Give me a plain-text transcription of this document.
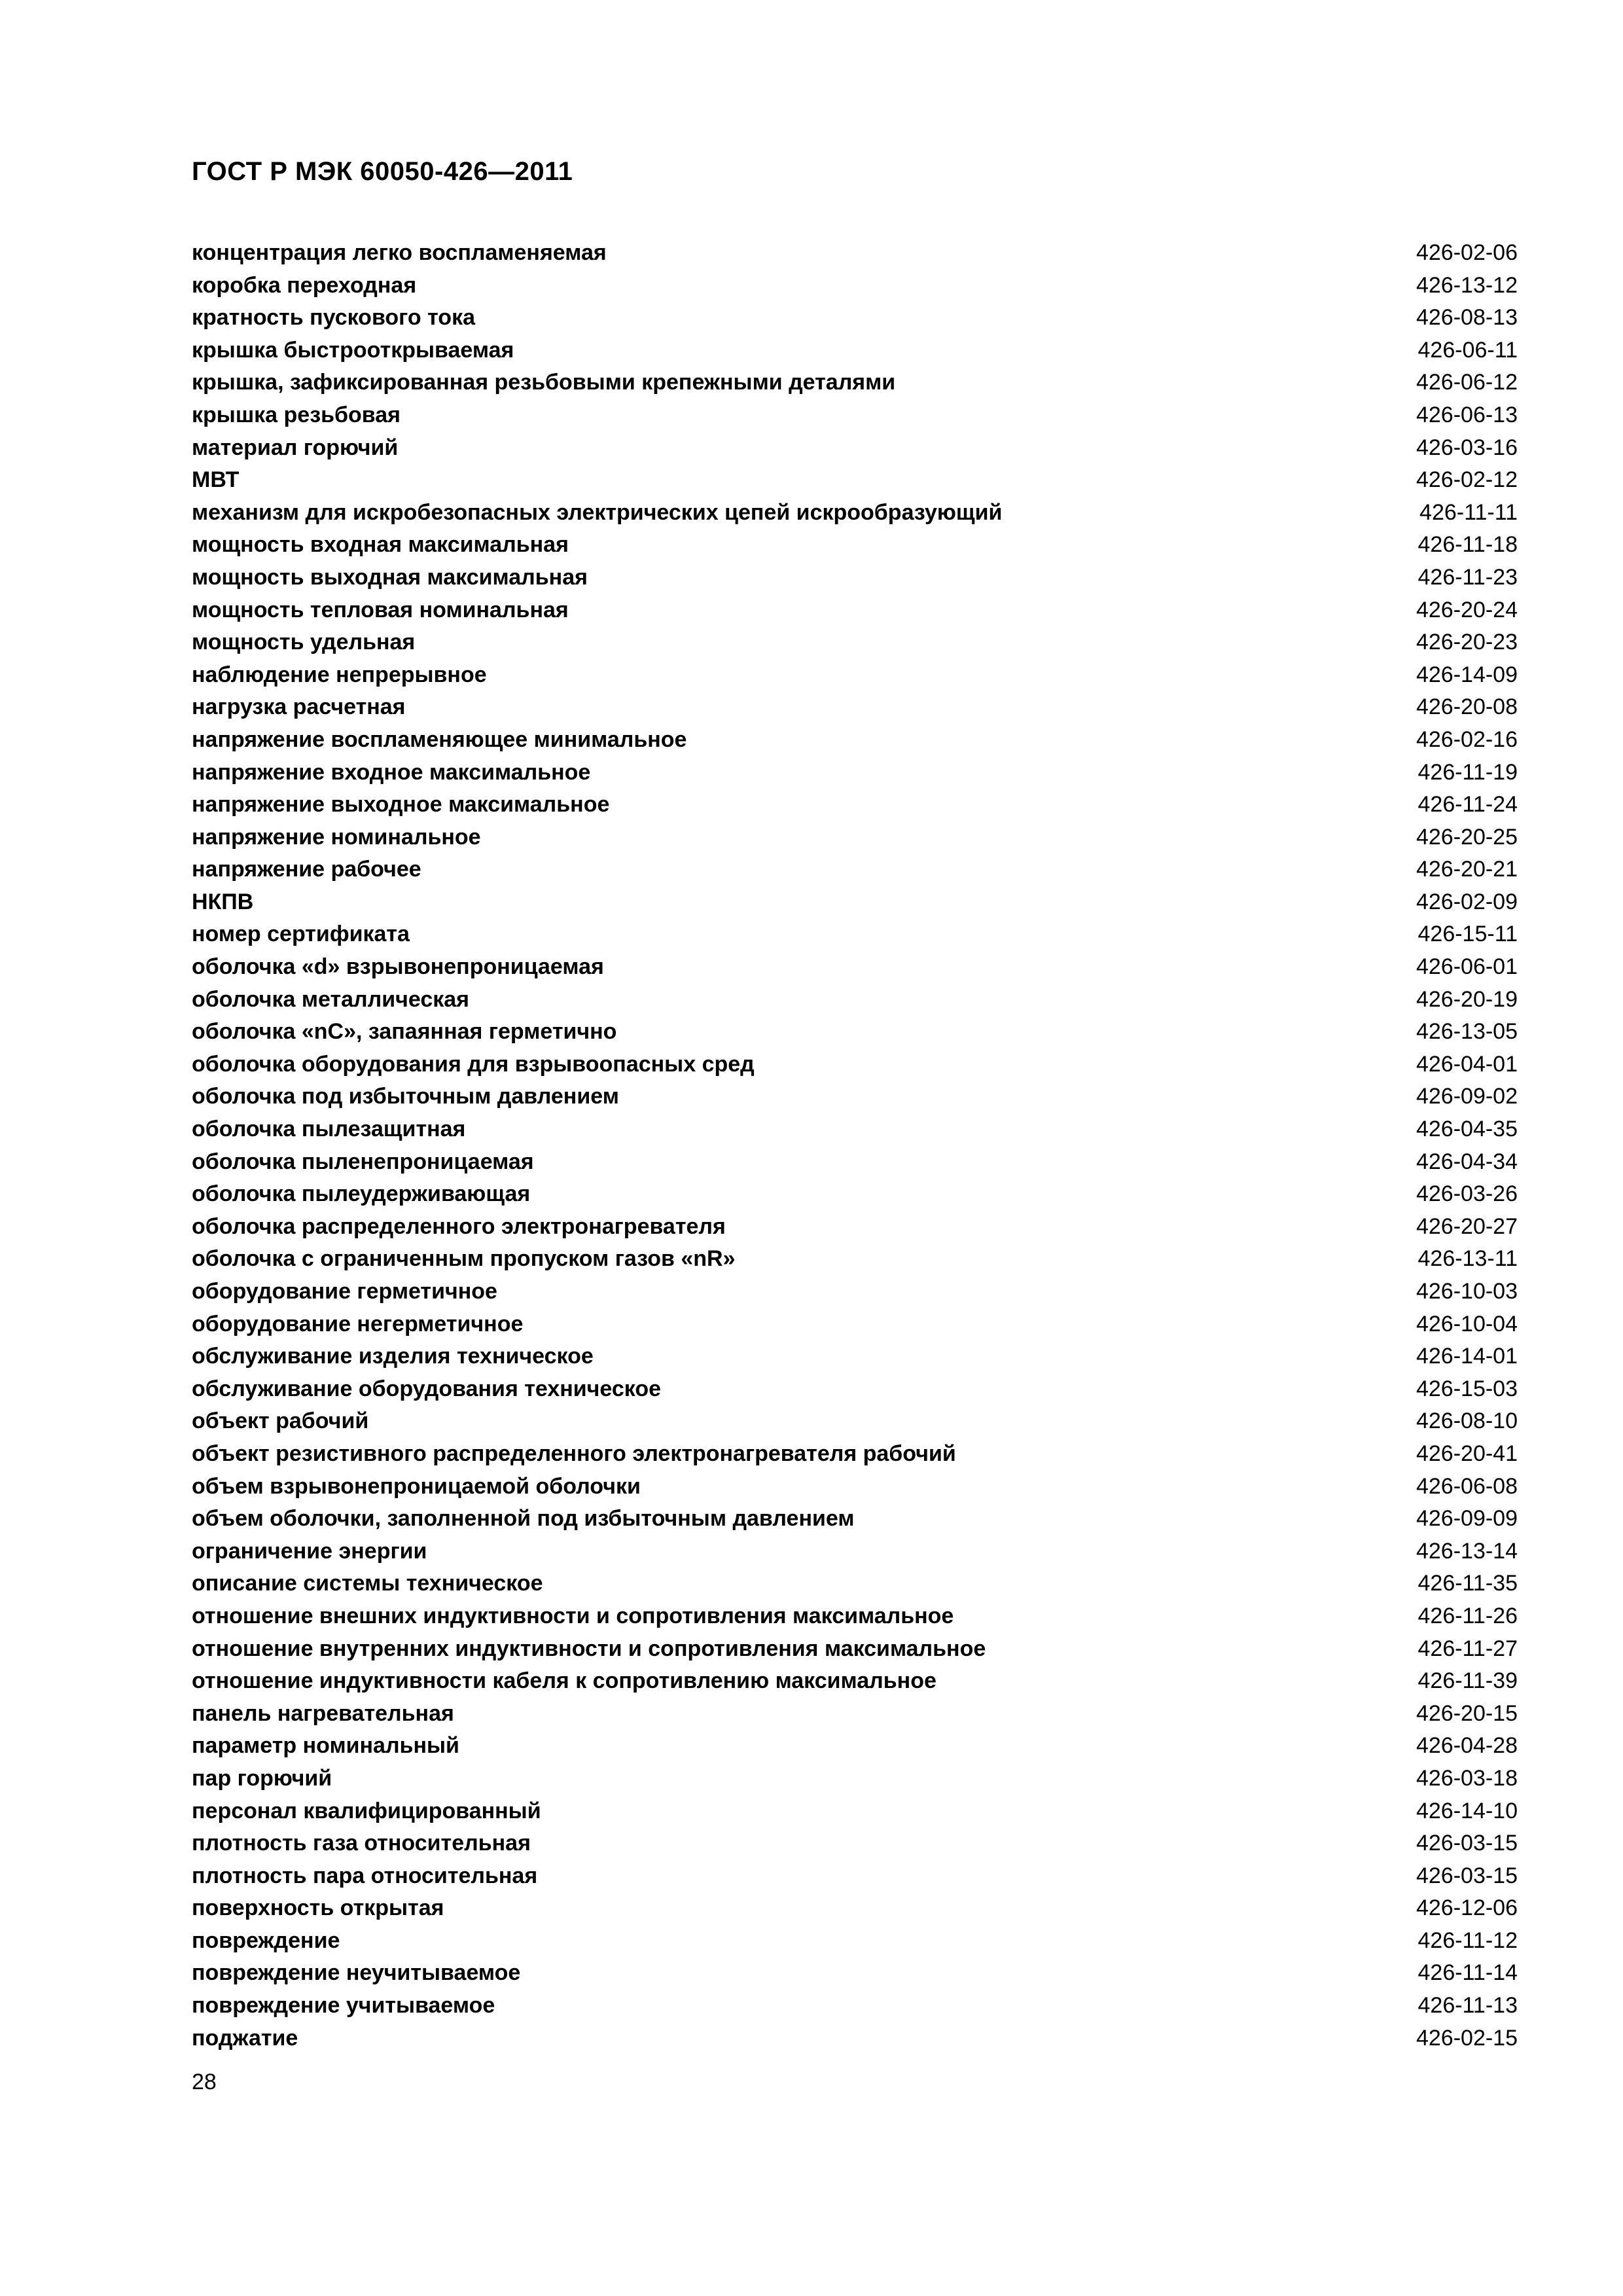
ГОСТ Р МЭК 60050-426—2011
концентрация легко воспламеняемая	426-02-06
коробка переходная	426-13-12
кратность пускового тока	426-08-13
крышка быстрооткрываемая	426-06-11
крышка, зафиксированная резьбовыми крепежными деталями	426-06-12
крышка резьбовая	426-06-13
материал горючий	426-03-16
МВТ	426-02-12
механизм для искробезопасных электрических цепей искрообразующий	426-11-11
мощность входная максимальная	426-11-18
мощность выходная максимальная	426-11-23
мощность тепловая номинальная	426-20-24
мощность удельная	426-20-23
наблюдение непрерывное	426-14-09
нагрузка расчетная	426-20-08
напряжение воспламеняющее минимальное	426-02-16
напряжение входное максимальное	426-11-19
напряжение выходное максимальное	426-11-24
напряжение номинальное	426-20-25
напряжение рабочее	426-20-21
НКПВ	426-02-09
номер сертификата	426-15-11
оболочка «d» взрывонепроницаемая	426-06-01
оболочка металлическая	426-20-19
оболочка «nC», запаянная герметично	426-13-05
оболочка оборудования для взрывоопасных сред	426-04-01
оболочка под избыточным давлением	426-09-02
оболочка пылезащитная	426-04-35
оболочка пыленепроницаемая	426-04-34
оболочка пылеудерживающая	426-03-26
оболочка распределенного электронагревателя	426-20-27
оболочка с ограниченным пропуском газов «nR»	426-13-11
оборудование герметичное	426-10-03
оборудование негерметичное	426-10-04
обслуживание изделия техническое	426-14-01
обслуживание оборудования техническое	426-15-03
объект рабочий	426-08-10
объект резистивного распределенного электронагревателя рабочий	426-20-41
объем взрывонепроницаемой оболочки	426-06-08
объем оболочки, заполненной под избыточным давлением	426-09-09
ограничение энергии	426-13-14
описание системы техническое	426-11-35
отношение внешних индуктивности и сопротивления максимальное	426-11-26
отношение внутренних индуктивности и сопротивления максимальное	426-11-27
отношение индуктивности кабеля к сопротивлению максимальное	426-11-39
панель нагревательная	426-20-15
параметр номинальный	426-04-28
пар горючий	426-03-18
персонал квалифицированный	426-14-10
плотность газа относительная	426-03-15
плотность пара относительная	426-03-15
поверхность открытая	426-12-06
повреждение	426-11-12
повреждение неучитываемое	426-11-14
повреждение учитываемое	426-11-13
поджатие	426-02-15
28
